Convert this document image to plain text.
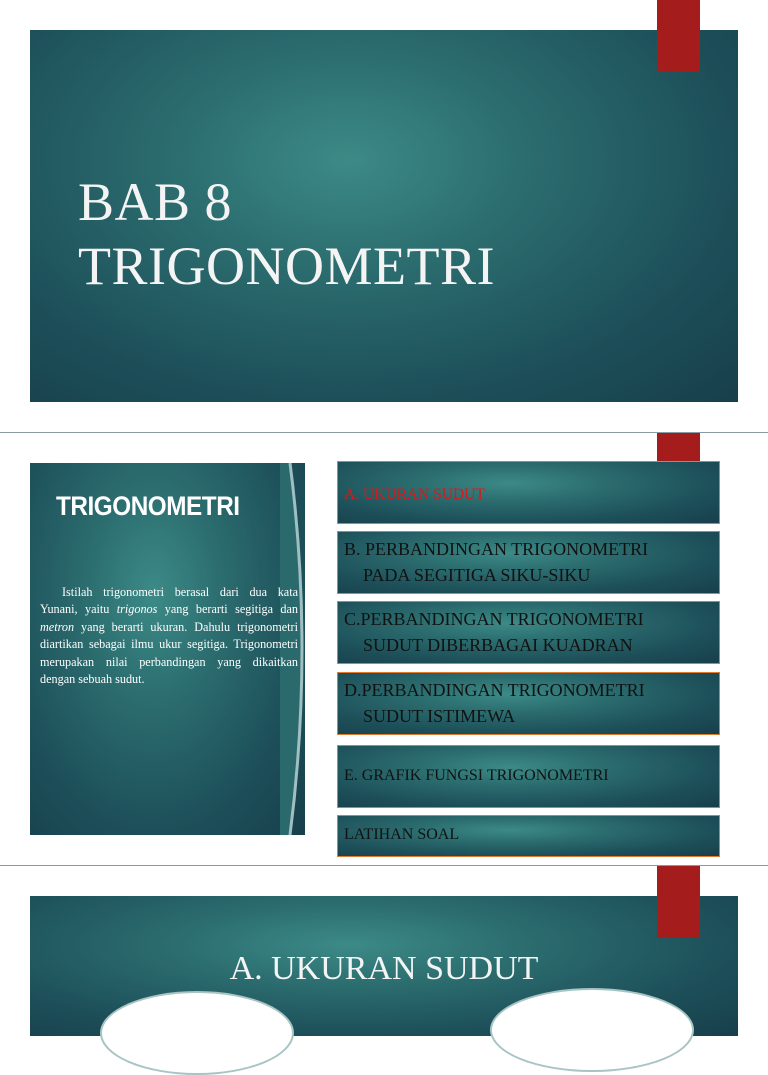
BAB 8
TRIGONOMETRI
TRIGONOMETRI
Istilah trigonometri berasal dari dua kata Yunani, yaitu trigonos yang berarti segitiga dan metron yang berarti ukuran. Dahulu trigonometri diartikan sebagai ilmu ukur segitiga. Trigonometri merupakan nilai perbandingan yang dikaitkan dengan sebuah sudut.
A. UKURAN SUDUT
B. PERBANDINGAN TRIGONOMETRI
PADA SEGITIGA SIKU-SIKU
C.PERBANDINGAN TRIGONOMETRI
SUDUT DIBERBAGAI KUADRAN
D.PERBANDINGAN TRIGONOMETRI
SUDUT ISTIMEWA
E. GRAFIK FUNGSI TRIGONOMETRI
LATIHAN SOAL
A. UKURAN SUDUT
